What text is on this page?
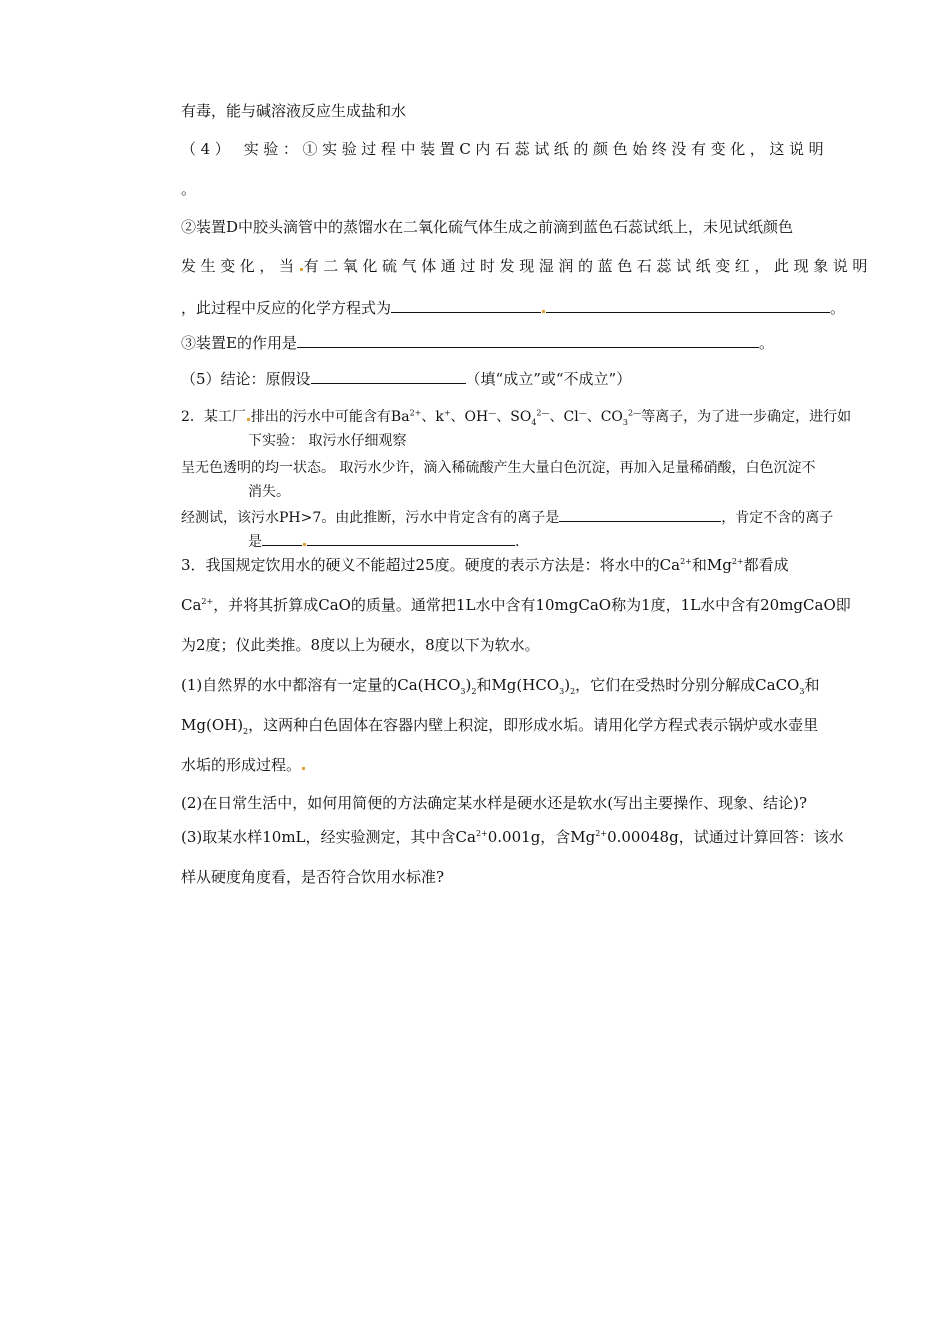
有毒，能与碱溶液反应生成盐和水
（4） 实验：①实验过程中装置C内石蕊试纸的颜色始终没有变化，这说明
。
②装置D中胶头滴管中的蒸馏水在二氧化硫气体生成之前滴到蓝色石蕊试纸上，未见试纸颜色
发生变化，当 有二氧化硫气体通过时发现湿润的蓝色石蕊试纸变红，此现象说明
，此过程中反应的化学方程式为	。
③装置E的作用是	。
（5）结论：原假设	（填“成立”或“不成立”）
2．某工厂 排出的污水中可能含有$Ba^{2+}$、k+、OH—、$SO_4^{2—}$、Cl—、$CO_3^{2—}$等离子，为了进一步确定，进行如
下实验： 取污水仔细观察
呈无色透明的均一状态。 取污水少许，滴入稀硫酸产生大量白色沉淀，再加入足量稀硝酸，白色沉淀不
消失。
经测试，该污水PH>7。由此推断，污水中肯定含有的离子是	，肯定不含的离子
是	.
3．我国规定饮用水的硬义不能超过25度。硬度的表示方法是：将水中的$Ca^{2+}$和$Mg^{2+}$都看成
$Ca^{2+}$，并将其折算成CaO的质量。通常把1L水中含有10mgCaO称为1度，1L水中含有20mgCaO即
为2度；仪此类推。8度以上为硬水，8度以下为软水。
(1)自然界的水中都溶有一定量的$Ca(HCO_3)_2$和$Mg(HCO_3)_2$，它们在受热时分别分解成CaCO$_3$和
$Mg(OH)_2$，这两种白色固体在容器内壁上积淀，即形成水垢。请用化学方程式表示锅炉或水壶里
水垢的形成过程。
(2)在日常生活中，如何用简便的方法确定某水样是硬水还是软水(写出主要操作、现象、结论)?
(3)取某水样10mL，经实验测定，其中含$Ca^{2+}0.001g$，含$Mg^{2+}0.00048g$，试通过计算回答：该水
样从硬度角度看，是否符合饮用水标准?
